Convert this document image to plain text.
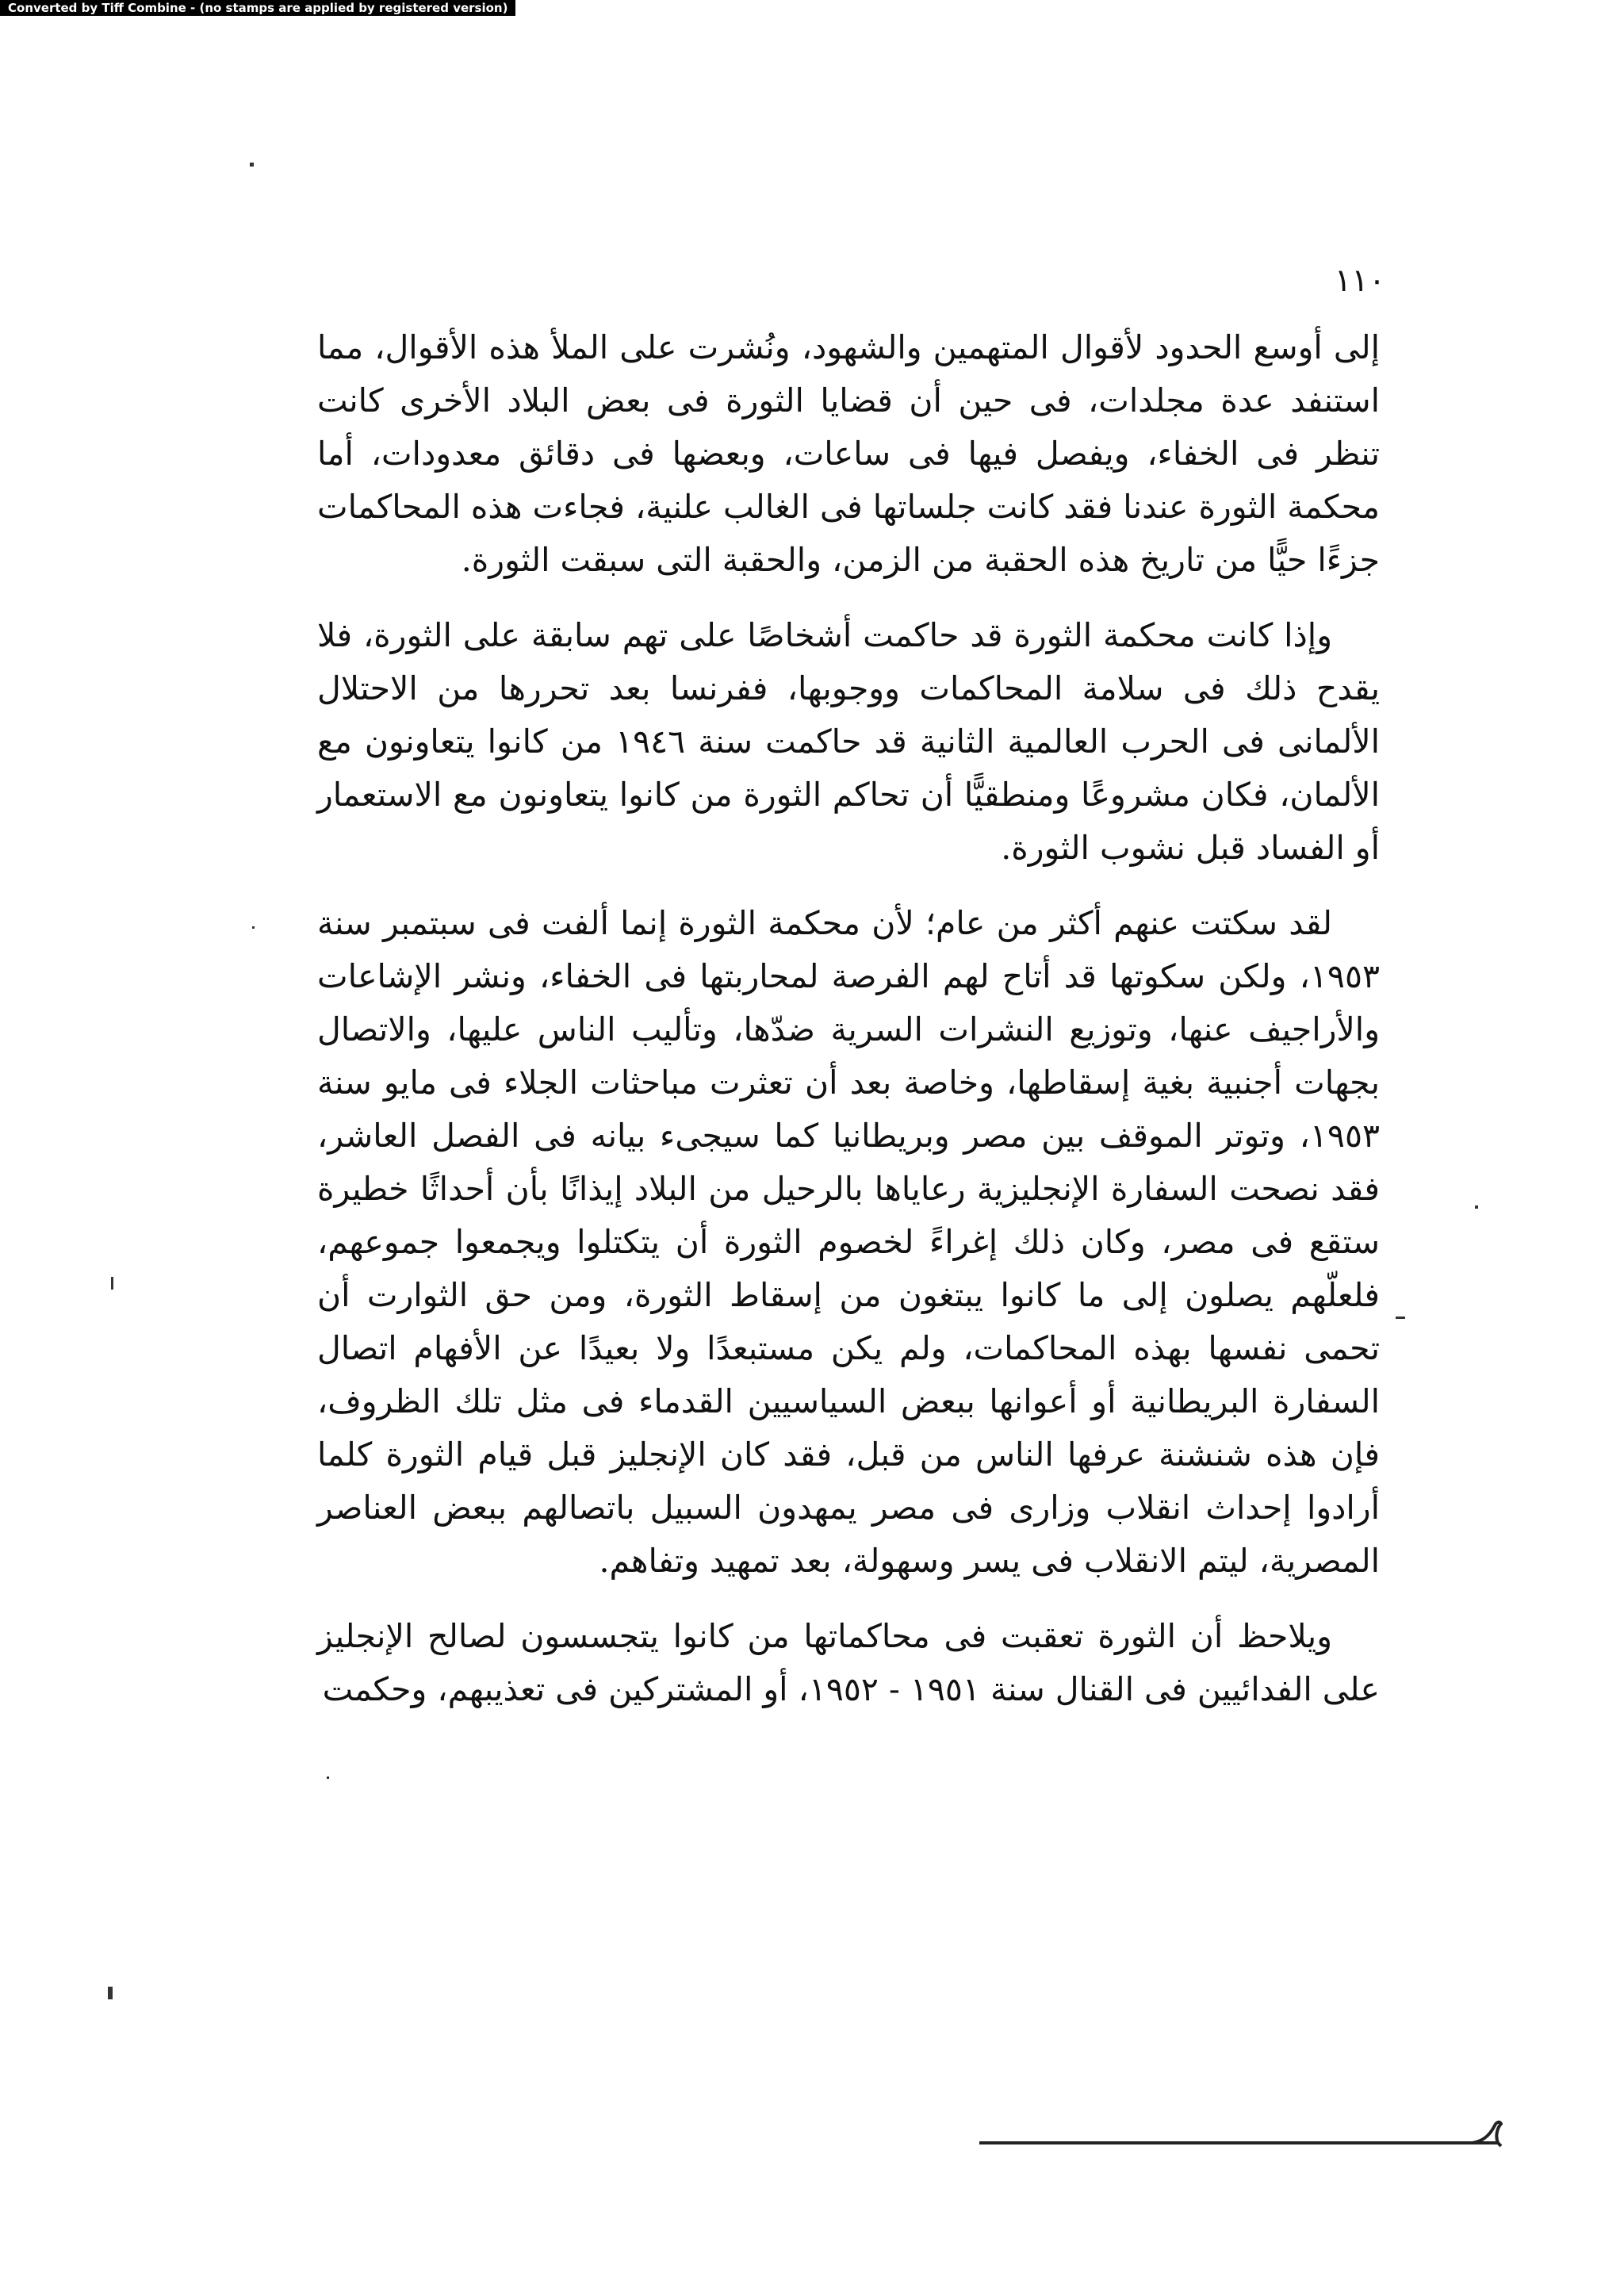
Converted by Tiff Combine - (no stamps are applied by registered version)
١١٠

إلى أوسع الحدود لأقوال المتهمين والشهود، ونُشرت على الملأ هذه الأقوال، مما استنفد عدة مجلدات، فى حين أن قضايا الثورة فى بعض البلاد الأخرى كانت تنظر فى الخفاء، ويفصل فيها فى ساعات، وبعضها فى دقائق معدودات، أما محكمة الثورة عندنا فقد كانت جلساتها فى الغالب علنية، فجاءت هذه المحاكمات جزءًا حيًّا من تاريخ هذه الحقبة من الزمن، والحقبة التى سبقت الثورة.

وإذا كانت محكمة الثورة قد حاكمت أشخاصًا على تهم سابقة على الثورة، فلا يقدح ذلك فى سلامة المحاكمات ووجوبها، ففرنسا بعد تحررها من الاحتلال الألمانى فى الحرب العالمية الثانية قد حاكمت سنة ١٩٤٦ من كانوا يتعاونون مع الألمان، فكان مشروعًا ومنطقيًّا أن تحاكم الثورة من كانوا يتعاونون مع الاستعمار أو الفساد قبل نشوب الثورة.

لقد سكتت عنهم أكثر من عام؛ لأن محكمة الثورة إنما ألفت فى سبتمبر سنة ١٩٥٣، ولكن سكوتها قد أتاح لهم الفرصة لمحاربتها فى الخفاء، ونشر الإشاعات والأراجيف عنها، وتوزيع النشرات السرية ضدّها، وتأليب الناس عليها، والاتصال بجهات أجنبية بغية إسقاطها، وخاصة بعد أن تعثرت مباحثات الجلاء فى مايو سنة ١٩٥٣، وتوتر الموقف بين مصر وبريطانيا كما سيجىء بيانه فى الفصل العاشر، فقد نصحت السفارة الإنجليزية رعاياها بالرحيل من البلاد إيذانًا بأن أحداثًا خطيرة ستقع فى مصر، وكان ذلك إغراءً لخصوم الثورة أن يتكتلوا ويجمعوا جموعهم، فلعلّهم يصلون إلى ما كانوا يبتغون من إسقاط الثورة، ومن حق الثوارت أن تحمى نفسها بهذه المحاكمات، ولم يكن مستبعدًا ولا بعيدًا عن الأفهام اتصال السفارة البريطانية أو أعوانها ببعض السياسيين القدماء فى مثل تلك الظروف، فإن هذه شنشنة عرفها الناس من قبل، فقد كان الإنجليز قبل قيام الثورة كلما أرادوا إحداث انقلاب وزارى فى مصر يمهدون السبيل باتصالهم ببعض العناصر المصرية، ليتم الانقلاب فى يسر وسهولة، بعد تمهيد وتفاهم.

ويلاحظ أن الثورة تعقبت فى محاكماتها من كانوا يتجسسون لصالح الإنجليز على الفدائيين فى القنال سنة ١٩٥١ - ١٩٥٢، أو المشتركين فى تعذيبهم، وحكمت
